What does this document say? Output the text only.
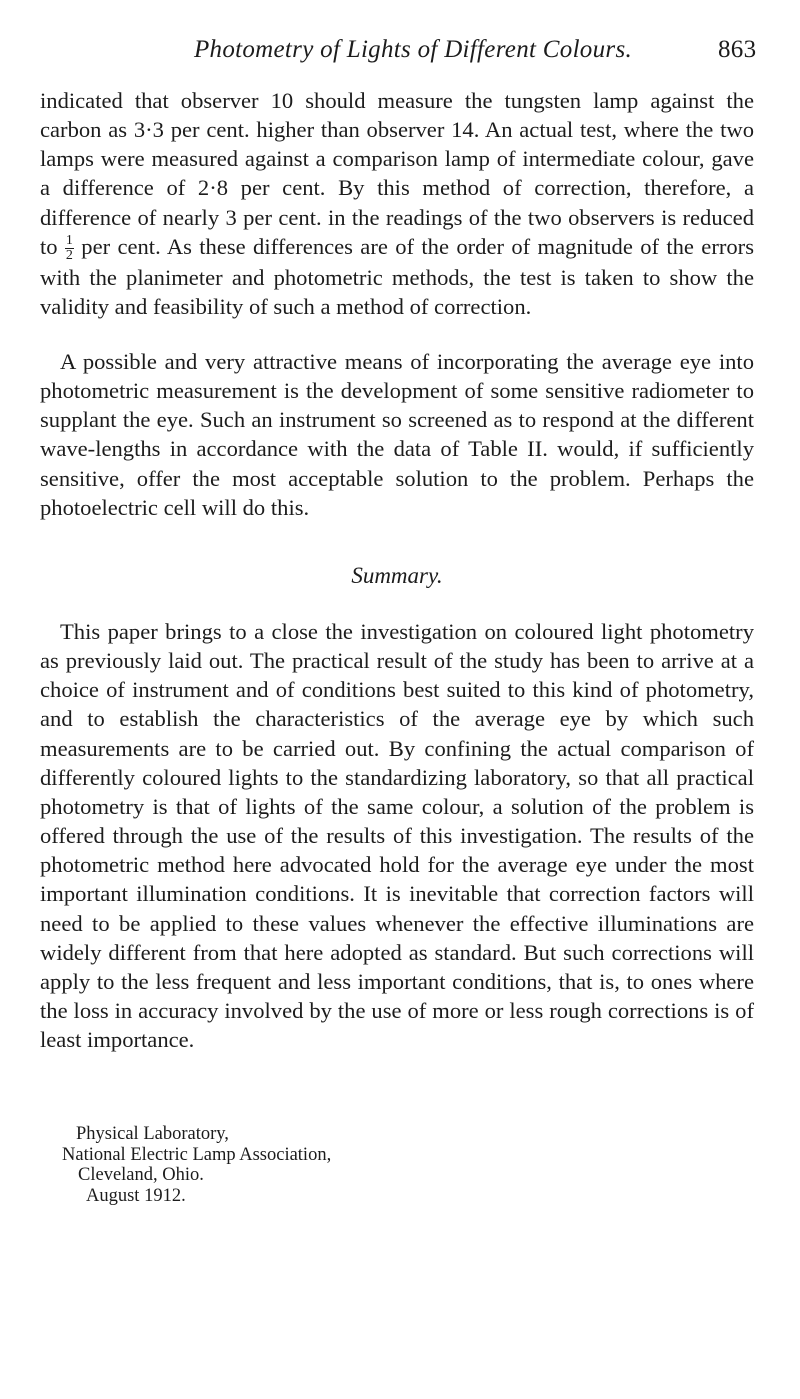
Photometry of Lights of Different Colours.	863

indicated that observer 10 should measure the tungsten lamp against the carbon as 3·3 per cent. higher than observer 14. An actual test, where the two lamps were measured against a comparison lamp of intermediate colour, gave a difference of 2·8 per cent. By this method of correction, therefore, a difference of nearly 3 per cent. in the readings of the two observers is reduced to $\frac{1}{2}$ per cent. As these differences are of the order of magnitude of the errors with the planimeter and photometric methods, the test is taken to show the validity and feasibility of such a method of correction.

A possible and very attractive means of incorporating the average eye into photometric measurement is the development of some sensitive radiometer to supplant the eye. Such an instrument so screened as to respond at the different wave-lengths in accordance with the data of Table II. would, if sufficiently sensitive, offer the most acceptable solution to the problem. Perhaps the photoelectric cell will do this.

Summary.

This paper brings to a close the investigation on coloured light photometry as previously laid out. The practical result of the study has been to arrive at a choice of instrument and of conditions best suited to this kind of photometry, and to establish the characteristics of the average eye by which such measurements are to be carried out. By confining the actual comparison of differently coloured lights to the standardizing laboratory, so that all practical photometry is that of lights of the same colour, a solution of the problem is offered through the use of the results of this investigation. The results of the photometric method here advocated hold for the average eye under the most important illumination conditions. It is inevitable that correction factors will need to be applied to these values whenever the effective illuminations are widely different from that here adopted as standard. But such corrections will apply to the less frequent and less important conditions, that is, to ones where the loss in accuracy involved by the use of more or less rough corrections is of least importance.

Physical Laboratory,
National Electric Lamp Association,
Cleveland, Ohio.
August 1912.
